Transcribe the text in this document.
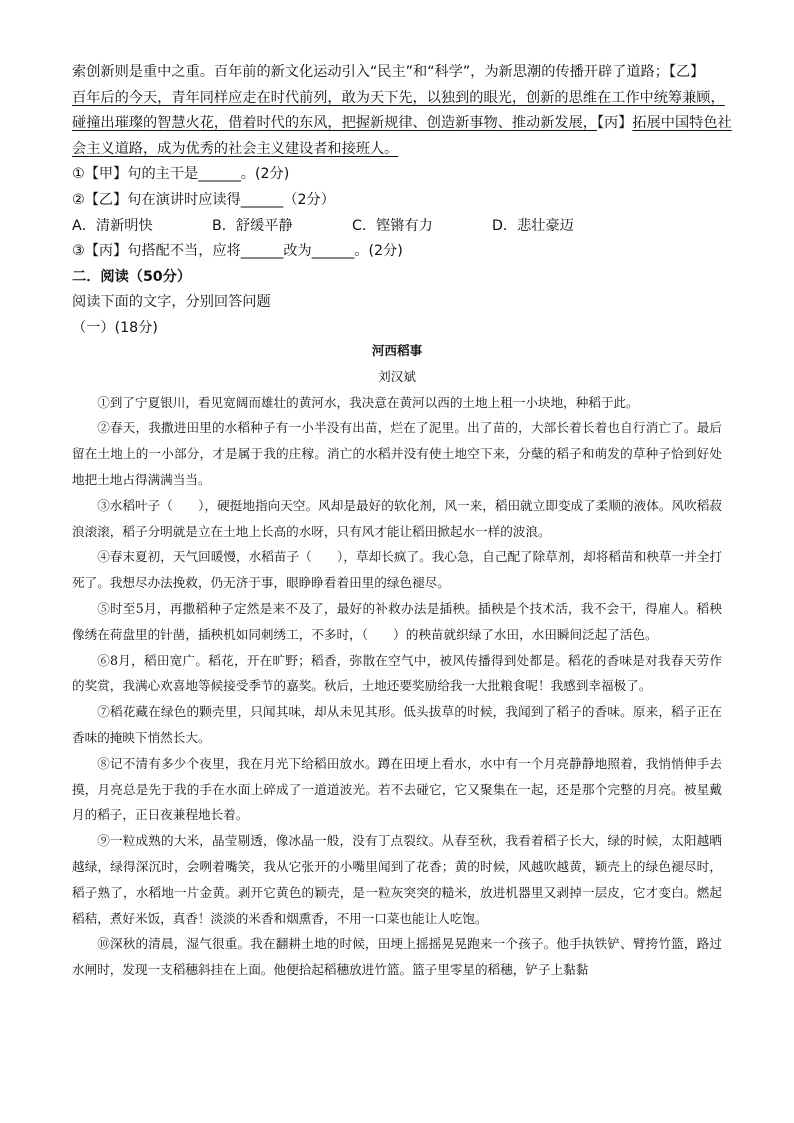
索创新则是重中之重。百年前的新文化运动引入“民主”和“科学”，为新思潮的传播开辟了道路；【乙】

百年后的今天，青年同样应走在时代前列，敢为天下先，以独到的眼光，创新的思维在工作中统筹兼顾，

碰撞出璀璨的智慧火花，借着时代的东风，把握新规律、创造新事物、推动新发展，【丙】拓展中国特色社

会主义道路，成为优秀的社会主义建设者和接班人。

①【甲】句的主干是______。(2分)

②【乙】句在演讲时应读得______（2分）

A．清新明快	B．舒缓平静	C．铿锵有力	D．悲壮豪迈

③【丙】句搭配不当，应将______改为______。(2分)

二．阅读（50分）

阅读下面的文字，分别回答问题

（一）(18分)

河西稻事

刘汉斌

①到了宁夏银川，看见宽阔而雄壮的黄河水，我决意在黄河以西的土地上租一小块地，种稻于此。

②春天，我撒进田里的水稻种子有一小半没有出苗，烂在了泥里。出了苗的，大部长着长着也自行消亡了。最后留在土地上的一小部分，才是属于我的庄稼。消亡的水稻并没有使土地空下来，分蘖的稻子和萌发的草种子恰到好处地把土地占得满满当当。

③水稻叶子（　　），硬挺地指向天空。风却是最好的软化剂，风一来，稻田就立即变成了柔顺的液体。风吹稻菽浪滚滚，稻子分明就是立在土地上长高的水呀，只有风才能让稻田掀起水一样的波浪。

④春末夏初，天气回暖慢，水稻苗子（　　），草却长疯了。我心急，自己配了除草剂，却将稻苗和秧草一并全打死了。我想尽办法挽救，仍无济于事，眼睁睁看着田里的绿色褪尽。

⑤时至5月，再撒稻种子定然是来不及了，最好的补救办法是插秧。插秧是个技术活，我不会干，得雇人。稻秧像绣在荷盘里的针凿，插秧机如同刺绣工，不多时，（　　）的秧苗就织绿了水田，水田瞬间泛起了活色。

⑥8月，稻田宽广。稻花，开在旷野；稻香，弥散在空气中，被风传播得到处都是。稻花的香味是对我春天劳作的奖赏，我满心欢喜地等候接受季节的嘉奖。秋后，土地还要奖励给我一大批粮食呢！我感到幸福极了。

⑦稻花藏在绿色的颗壳里，只闻其味，却从未见其形。低头拔草的时候，我闻到了稻子的香味。原来，稻子正在香味的掩映下悄然长大。

⑧记不清有多少个夜里，我在月光下给稻田放水。蹲在田埂上看水，水中有一个月亮静静地照着，我悄悄伸手去摸，月亮总是先于我的手在水面上碎成了一道道波光。若不去碰它，它又聚集在一起，还是那个完整的月亮。被星戴月的稻子，正日夜兼程地长着。

⑨一粒成熟的大米，晶莹剔透，像冰晶一般，没有丁点裂纹。从春至秋，我看着稻子长大，绿的时候，太阳越晒越绿，绿得深沉时，会咧着嘴笑，我从它张开的小嘴里闻到了花香；黄的时候，风越吹越黄，颖壳上的绿色褪尽时，稻子熟了，水稻地一片金黄。剥开它黄色的颖壳，是一粒灰突突的糙米，放进机器里又剥掉一层皮，它才变白。燃起稻秸，煮好米饭，真香！淡淡的米香和烟熏香，不用一口菜也能让人吃饱。

⑩深秋的清晨，湿气很重。我在翻耕土地的时候，田埂上摇摇晃晃跑来一个孩子。他手执铁铲、臂挎竹篮，路过水闸时，发现一支稻穗斜挂在上面。他便拾起稻穗放进竹篮。篮子里零星的稻穗，铲子上黏黏
